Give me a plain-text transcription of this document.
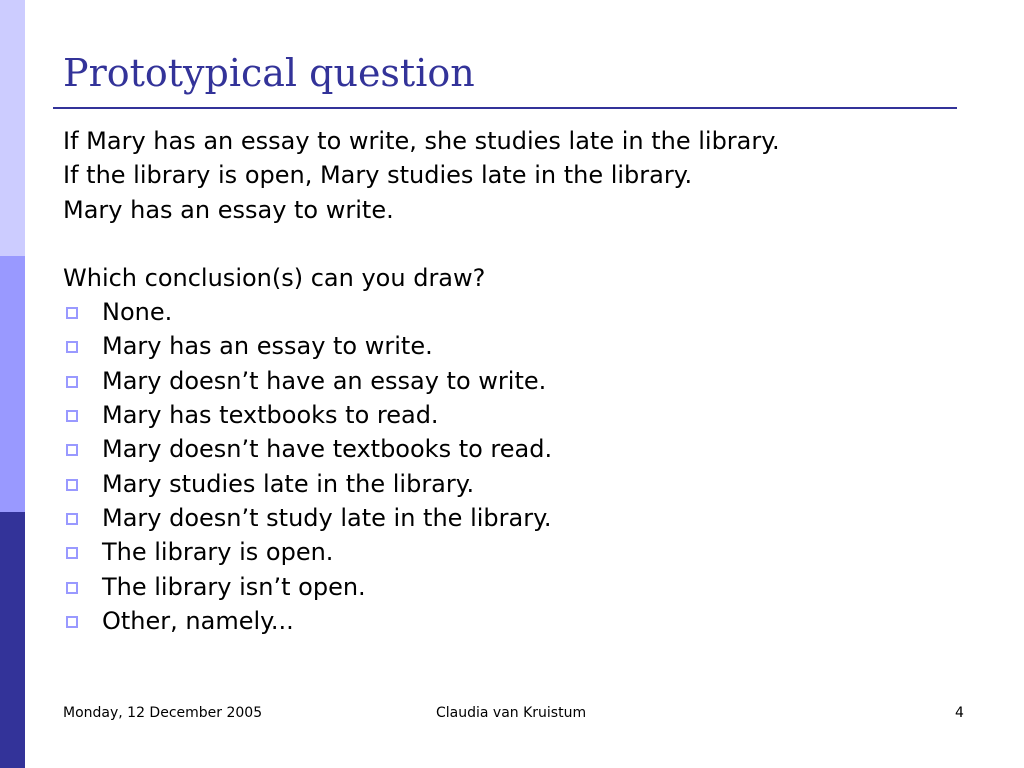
Prototypical question

If Mary has an essay to write, she studies late in the library.

If the library is open, Mary studies late in the library.

Mary has an essay to write.

Which conclusion(s) can you draw?

None.
Mary has an essay to write.
Mary doesn’t have an essay to write.
Mary has textbooks to read.
Mary doesn’t have textbooks to read.
Mary studies late in the library.
Mary doesn’t study late in the library.
The library is open.
The library isn’t open.
Other, namely...
Monday, 12 December 2005	Claudia van Kruistum	4
